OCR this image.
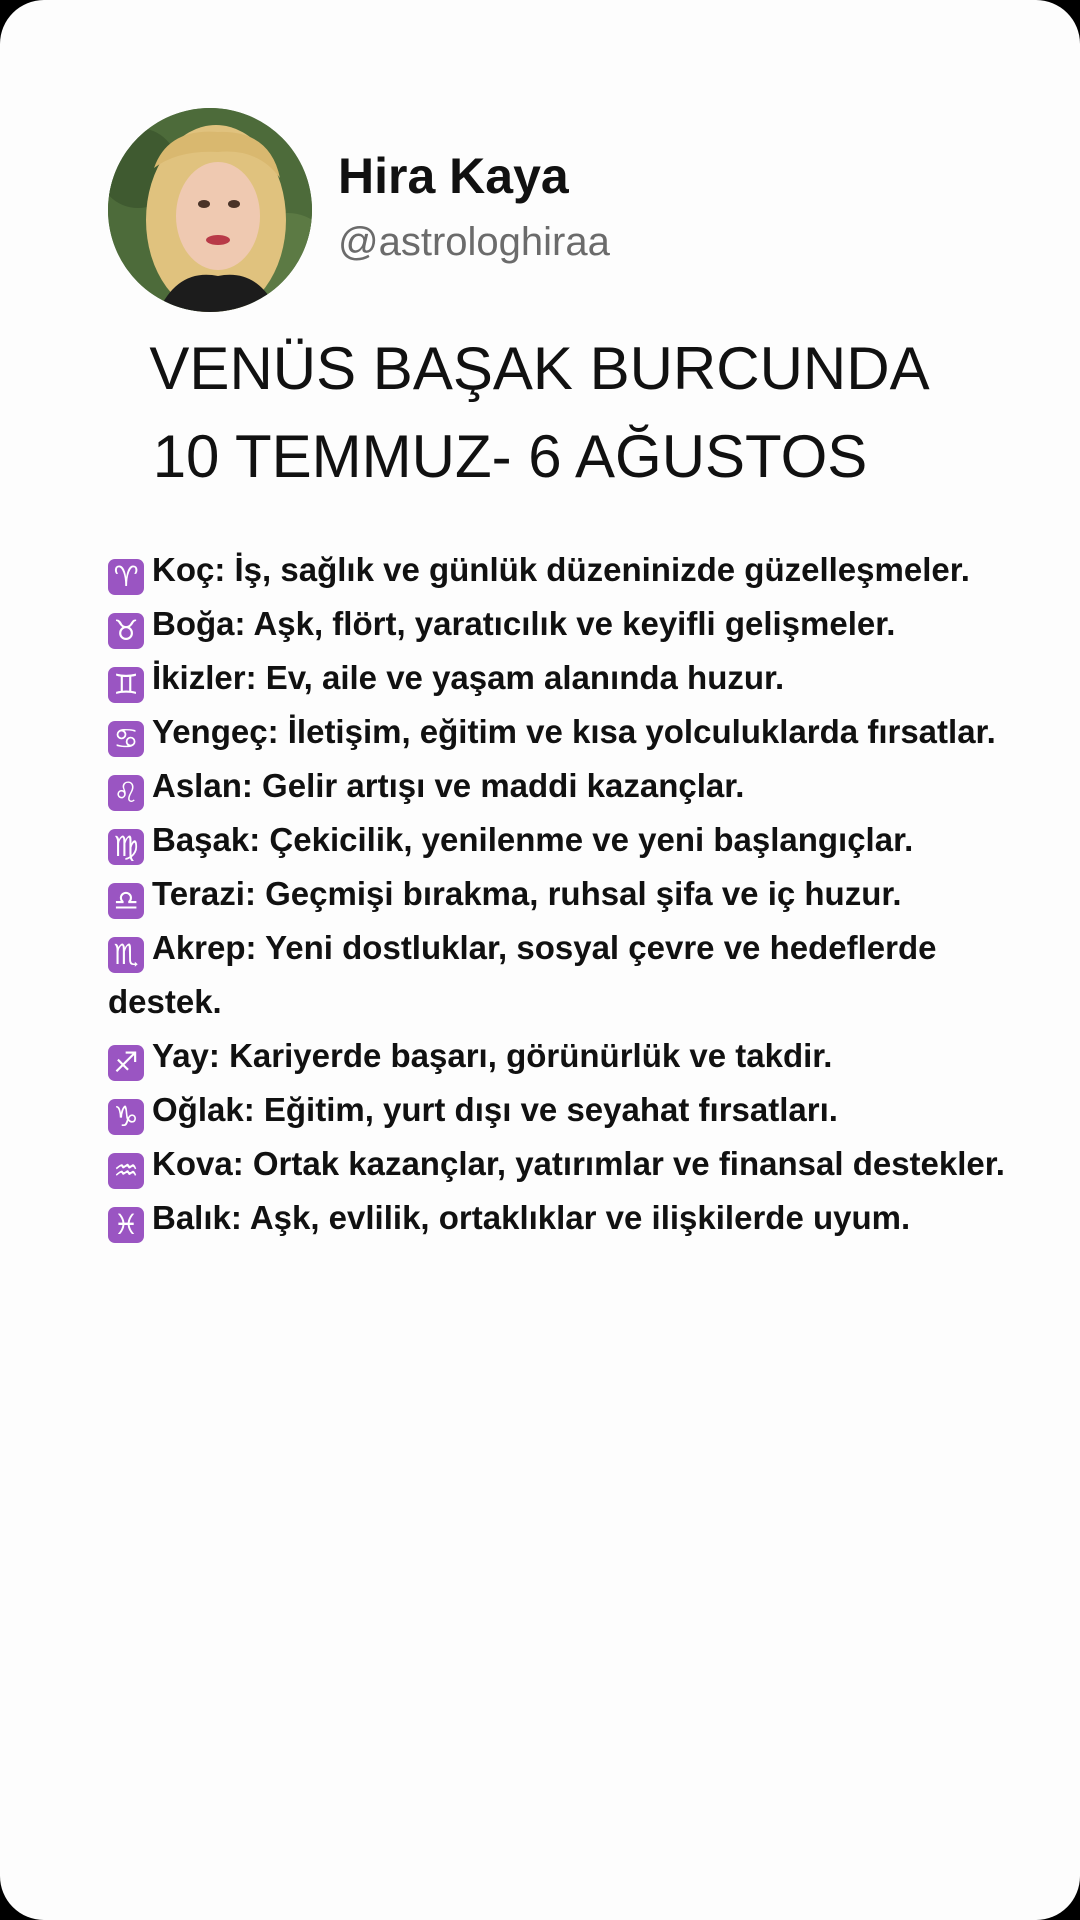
Hira Kaya
@astrologhiraa
VENÜS BAŞAK BURCUNDA
10 TEMMUZ- 6 AĞUSTOS
♈ Koç: İş, sağlık ve günlük düzeninizde güzelleşmeler.
♉ Boğa: Aşk, flört, yaratıcılık ve keyifli gelişmeler.
♊ İkizler: Ev, aile ve yaşam alanında huzur.
♋ Yengeç: İletişim, eğitim ve kısa yolculuklarda fırsatlar.
♌ Aslan: Gelir artışı ve maddi kazançlar.
♍ Başak: Çekicilik, yenilenme ve yeni başlangıçlar.
♎ Terazi: Geçmişi bırakma, ruhsal şifa ve iç huzur.
♏ Akrep: Yeni dostluklar, sosyal çevre ve hedeflerde destek.
♐ Yay: Kariyerde başarı, görünürlük ve takdir.
♑ Oğlak: Eğitim, yurt dışı ve seyahat fırsatları.
♒ Kova: Ortak kazançlar, yatırımlar ve finansal destekler.
♓ Balık: Aşk, evlilik, ortaklıklar ve ilişkilerde uyum.
